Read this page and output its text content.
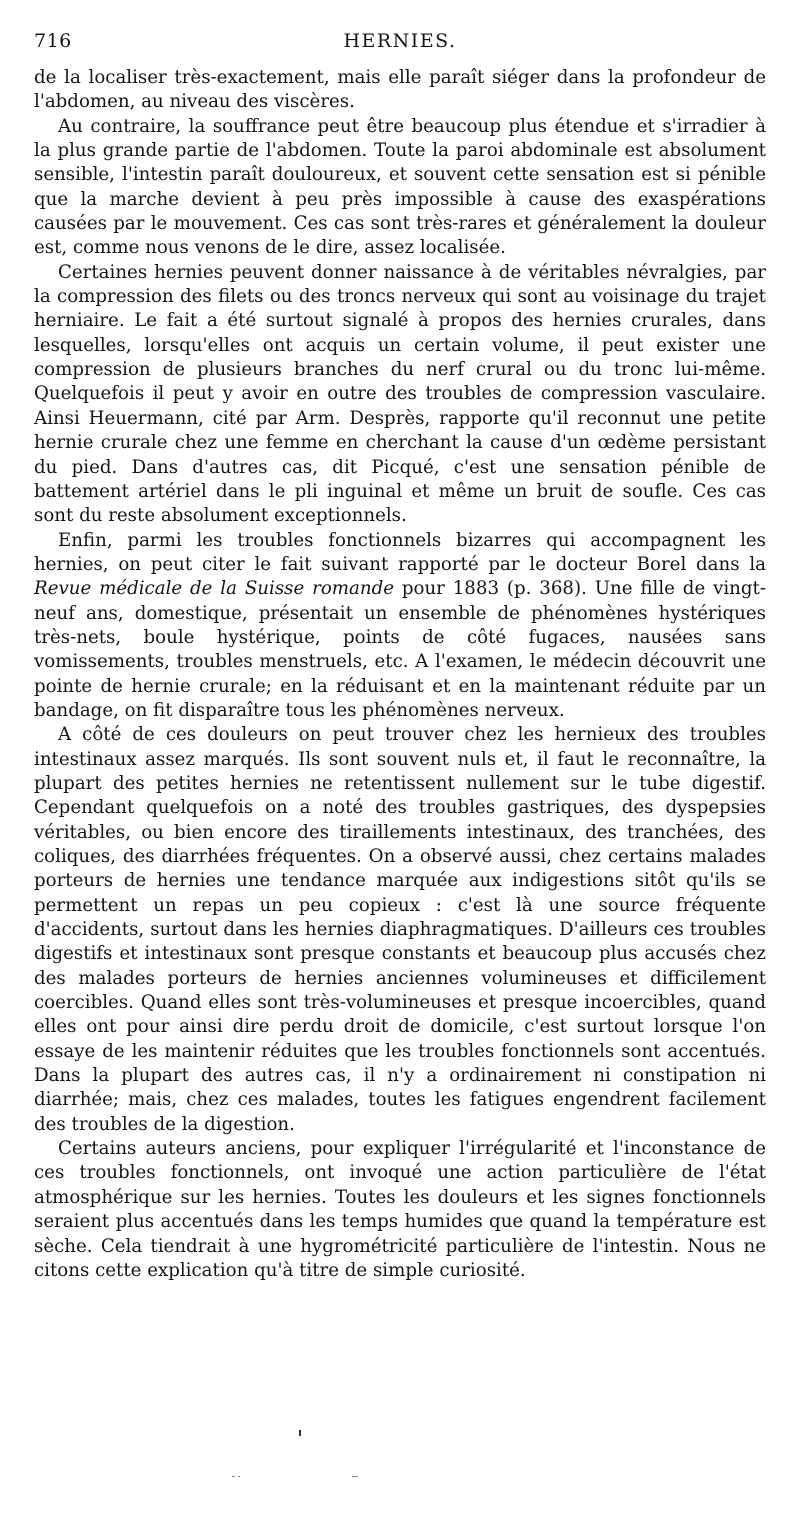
716	HERNIES.

de la localiser très-exactement, mais elle paraît siéger dans la profondeur de l'abdomen, au niveau des viscères.

Au contraire, la souffrance peut être beaucoup plus étendue et s'irradier à la plus grande partie de l'abdomen. Toute la paroi abdominale est absolument sensible, l'intestin paraît douloureux, et souvent cette sensation est si pénible que la marche devient à peu près impossible à cause des exaspérations causées par le mouvement. Ces cas sont très-rares et généralement la douleur est, comme nous venons de le dire, assez localisée.

Certaines hernies peuvent donner naissance à de véritables névralgies, par la compression des filets ou des troncs nerveux qui sont au voisinage du trajet herniaire. Le fait a été surtout signalé à propos des hernies crurales, dans lesquelles, lorsqu'elles ont acquis un certain volume, il peut exister une compression de plusieurs branches du nerf crural ou du tronc lui-même. Quelquefois il peut y avoir en outre des troubles de compression vasculaire. Ainsi Heuermann, cité par Arm. Desprès, rapporte qu'il reconnut une petite hernie crurale chez une femme en cherchant la cause d'un œdème persistant du pied. Dans d'autres cas, dit Picqué, c'est une sensation pénible de battement artériel dans le pli inguinal et même un bruit de soufle. Ces cas sont du reste absolument exceptionnels.

Enfin, parmi les troubles fonctionnels bizarres qui accompagnent les hernies, on peut citer le fait suivant rapporté par le docteur Borel dans la Revue médicale de la Suisse romande pour 1883 (p. 368). Une fille de vingt-neuf ans, domestique, présentait un ensemble de phénomènes hystériques très-nets, boule hystérique, points de côté fugaces, nausées sans vomissements, troubles menstruels, etc. A l'examen, le médecin découvrit une pointe de hernie crurale; en la réduisant et en la maintenant réduite par un bandage, on fit disparaître tous les phénomènes nerveux.

A côté de ces douleurs on peut trouver chez les herniеux des troubles intestinaux assez marqués. Ils sont souvent nuls et, il faut le reconnaître, la plupart des petites hernies ne retentissent nullement sur le tube digestif. Cependant quelquefois on a noté des troubles gastriques, des dyspepsies véritables, ou bien encore des tiraillements intestinaux, des tranchées, des coliques, des diarrhées fréquentes. On a observé aussi, chez certains malades porteurs de hernies une tendance marquée aux indigestions sitôt qu'ils se permettent un repas un peu copieux : c'est là une source fréquente d'accidents, surtout dans les hernies diaphragmatiques. D'ailleurs ces troubles digestifs et intestinaux sont presque constants et beaucoup plus accusés chez des malades porteurs de hernies anciennes volumineuses et difficilement coercibles. Quand elles sont très-volumineuses et presque incoercibles, quand elles ont pour ainsi dire perdu droit de domicile, c'est surtout lorsque l'on essaye de les maintenir réduites que les troubles fonctionnels sont accentués. Dans la plupart des autres cas, il n'y a ordinairement ni constipation ni diarrhée; mais, chez ces malades, toutes les fatigues engendrent facilement des troubles de la digestion.

Certains auteurs anciens, pour expliquer l'irrégularité et l'inconstance de ces troubles fonctionnels, ont invoqué une action particulière de l'état atmosphérique sur les hernies. Toutes les douleurs et les signes fonctionnels seraient plus accentués dans les temps humides que quand la température est sèche. Cela tiendrait à une hygrométricité particulière de l'intestin. Nous ne citons cette explication qu'à titre de simple curiosité.
